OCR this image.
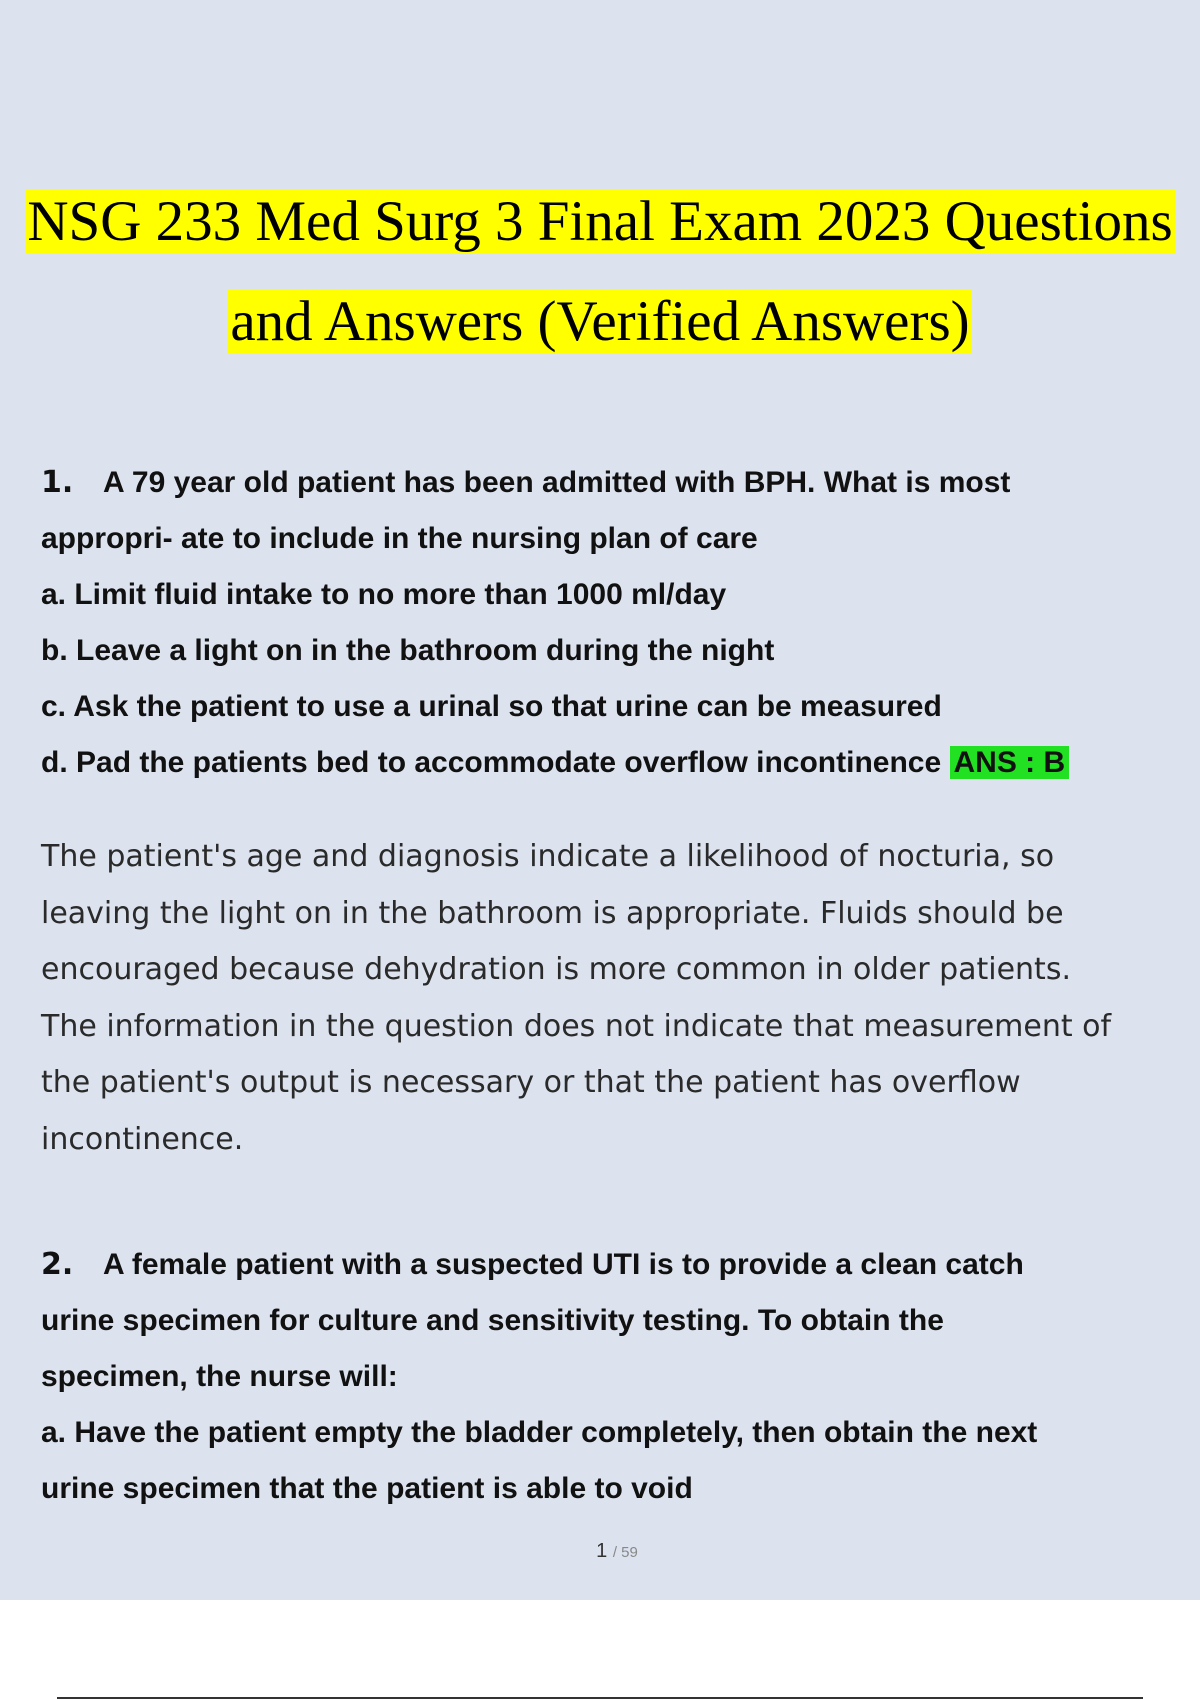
NSG 233 Med Surg 3 Final Exam 2023 Questions
and Answers (Verified Answers)
1. A 79 year old patient has been admitted with BPH. What is most
appropri- ate to include in the nursing plan of care
a. Limit fluid intake to no more than 1000 ml/day
b. Leave a light on in the bathroom during the night
c. Ask the patient to use a urinal so that urine can be measured
d. Pad the patients bed to accommodate overflow incontinence ANS : B
The patient's age and diagnosis indicate a likelihood of nocturia, so
leaving the light on in the bathroom is appropriate. Fluids should be
encouraged because dehydration is more common in older patients.
The information in the question does not indicate that measurement of
the patient's output is necessary or that the patient has overflow
incontinence.
2. A female patient with a suspected UTI is to provide a clean catch
urine specimen for culture and sensitivity testing. To obtain the
specimen, the nurse will:
a. Have the patient empty the bladder completely, then obtain the next
urine specimen that the patient is able to void
1 / 59
